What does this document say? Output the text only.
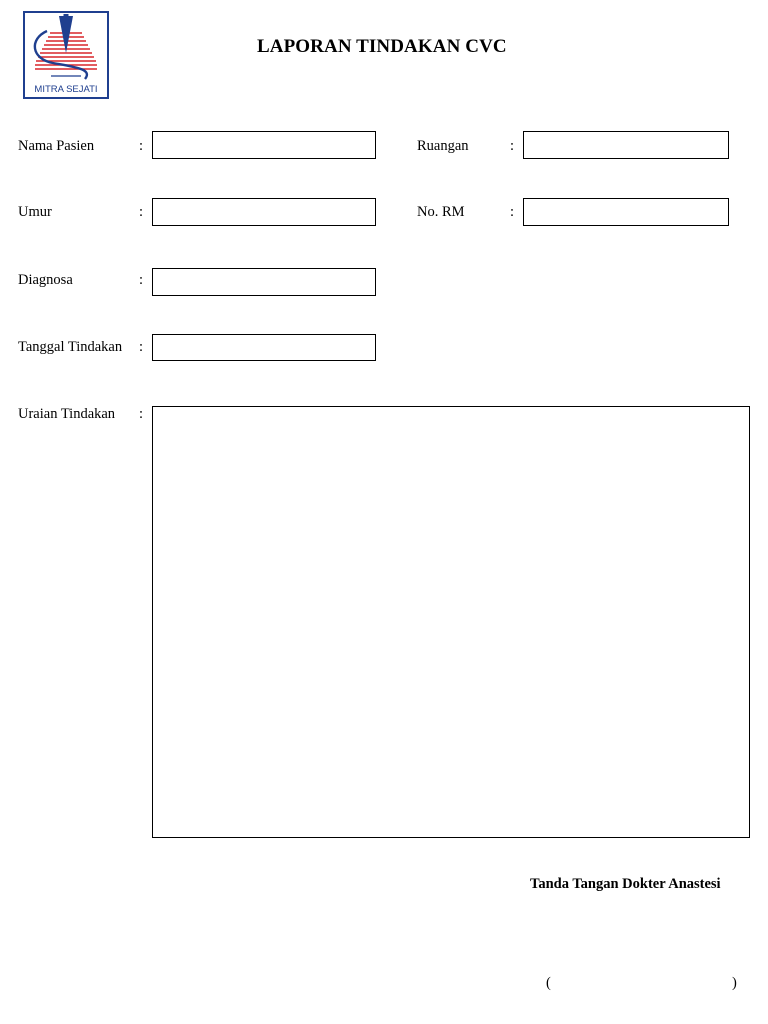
MITRA SEJATI
LAPORAN TINDAKAN CVC
Nama Pasien	:	Ruangan	:
Umur	:	No. RM	:
Diagnosa	:
Tanggal Tindakan :
Uraian Tindakan :
Tanda Tangan Dokter Anastesi
(	)
